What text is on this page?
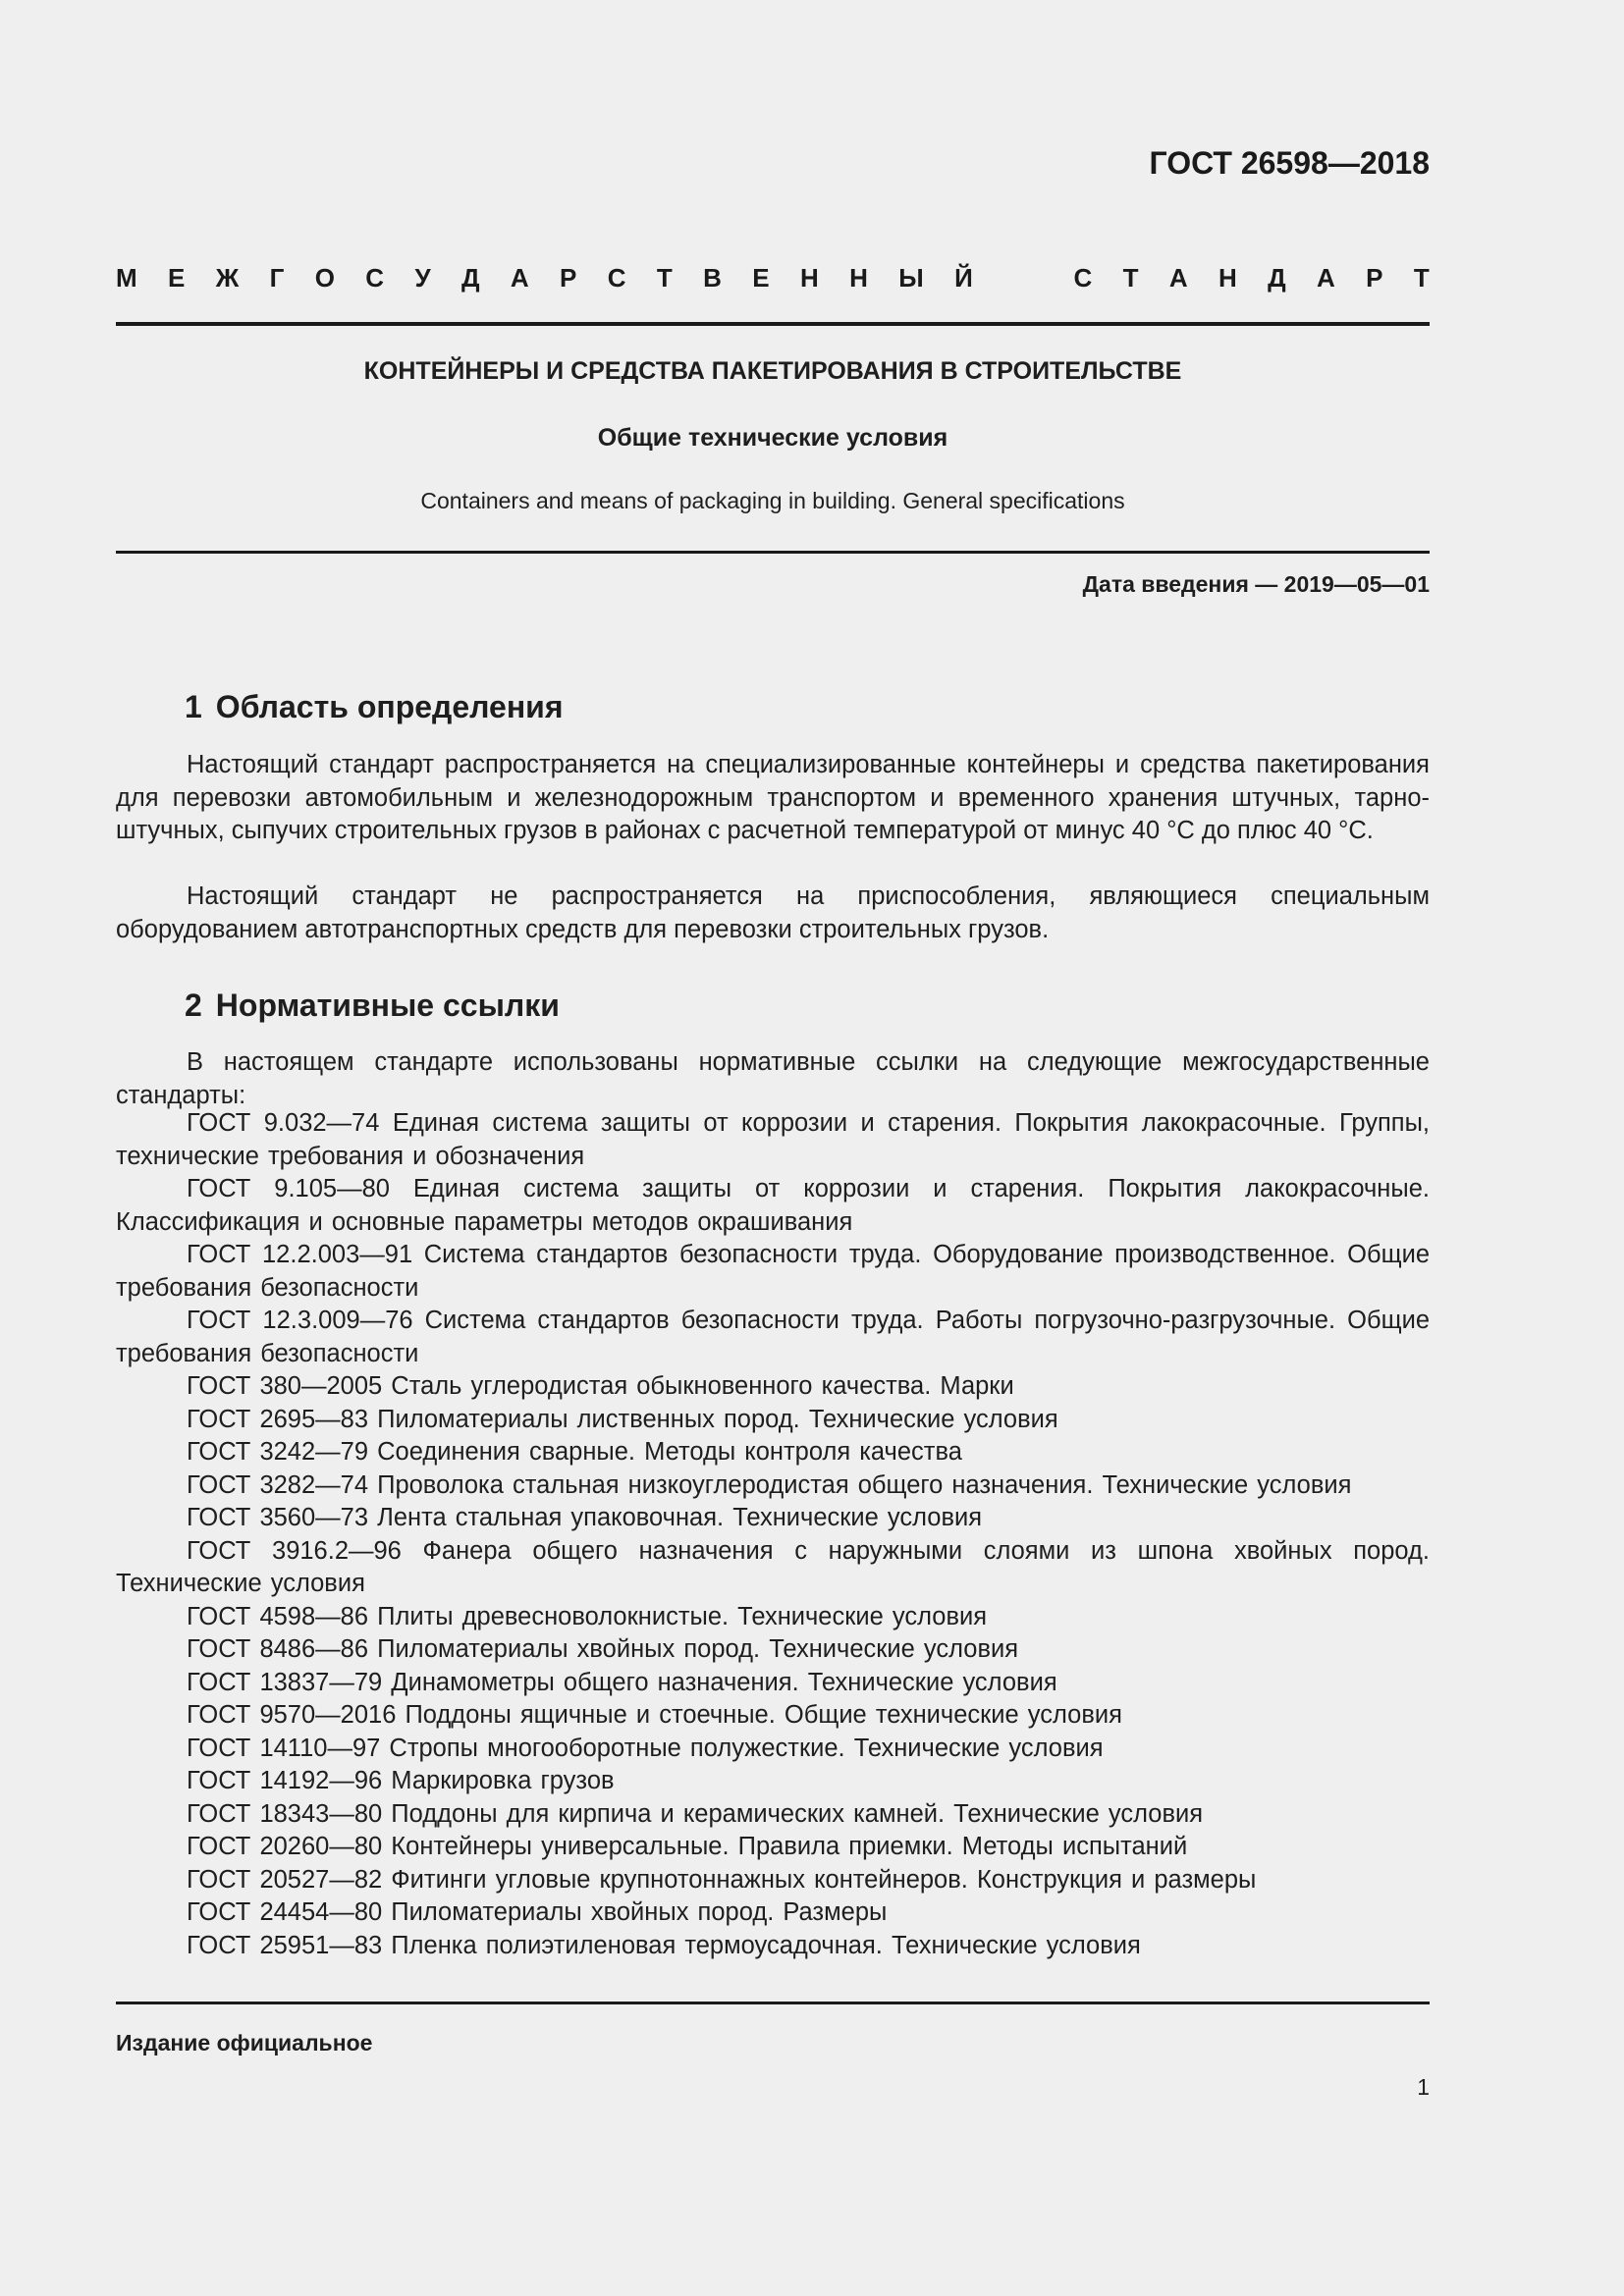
ГОСТ 26598—2018
М Е Ж Г О С У Д А Р С Т В Е Н Н Ы Й	С Т А Н Д А Р Т
КОНТЕЙНЕРЫ И СРЕДСТВА ПАКЕТИРОВАНИЯ В СТРОИТЕЛЬСТВЕ
Общие технические условия
Containers and means of packaging in building. General specifications
Дата введения — 2019—05—01
1 Область определения

Настоящий стандарт распространяется на специализированные контейнеры и средства пакетирования для перевозки автомобильным и железнодорожным транспортом и временного хранения штучных, тарно-штучных, сыпучих строительных грузов в районах с расчетной температурой от минус 40 °С до плюс 40 °С.

Настоящий стандарт не распространяется на приспособления, являющиеся специальным оборудованием автотранспортных средств для перевозки строительных грузов.

2 Нормативные ссылки

В настоящем стандарте использованы нормативные ссылки на следующие межгосударственные стандарты:

ГОСТ 9.032—74 Единая система защиты от коррозии и старения. Покрытия лакокрасочные. Группы, технические требования и обозначения

ГОСТ 9.105—80 Единая система защиты от коррозии и старения. Покрытия лакокрасочные. Классификация и основные параметры методов окрашивания

ГОСТ 12.2.003—91 Система стандартов безопасности труда. Оборудование производственное. Общие требования безопасности

ГОСТ 12.3.009—76 Система стандартов безопасности труда. Работы погрузочно-разгрузочные. Общие требования безопасности

ГОСТ 380—2005 Сталь углеродистая обыкновенного качества. Марки

ГОСТ 2695—83 Пиломатериалы лиственных пород. Технические условия

ГОСТ 3242—79 Соединения сварные. Методы контроля качества

ГОСТ 3282—74 Проволока стальная низкоуглеродистая общего назначения. Технические условия

ГОСТ 3560—73 Лента стальная упаковочная. Технические условия

ГОСТ 3916.2—96 Фанера общего назначения с наружными слоями из шпона хвойных пород. Технические условия

ГОСТ 4598—86 Плиты древесноволокнистые. Технические условия

ГОСТ 8486—86 Пиломатериалы хвойных пород. Технические условия

ГОСТ 13837—79 Динамометры общего назначения. Технические условия

ГОСТ 9570—2016 Поддоны ящичные и стоечные. Общие технические условия

ГОСТ 14110—97 Стропы многооборотные полужесткие. Технические условия

ГОСТ 14192—96 Маркировка грузов

ГОСТ 18343—80 Поддоны для кирпича и керамических камней. Технические условия

ГОСТ 20260—80 Контейнеры универсальные. Правила приемки. Методы испытаний

ГОСТ 20527—82 Фитинги угловые крупнотоннажных контейнеров. Конструкция и размеры

ГОСТ 24454—80 Пиломатериалы хвойных пород. Размеры

ГОСТ 25951—83 Пленка полиэтиленовая термоусадочная. Технические условия

Издание официальное
1
